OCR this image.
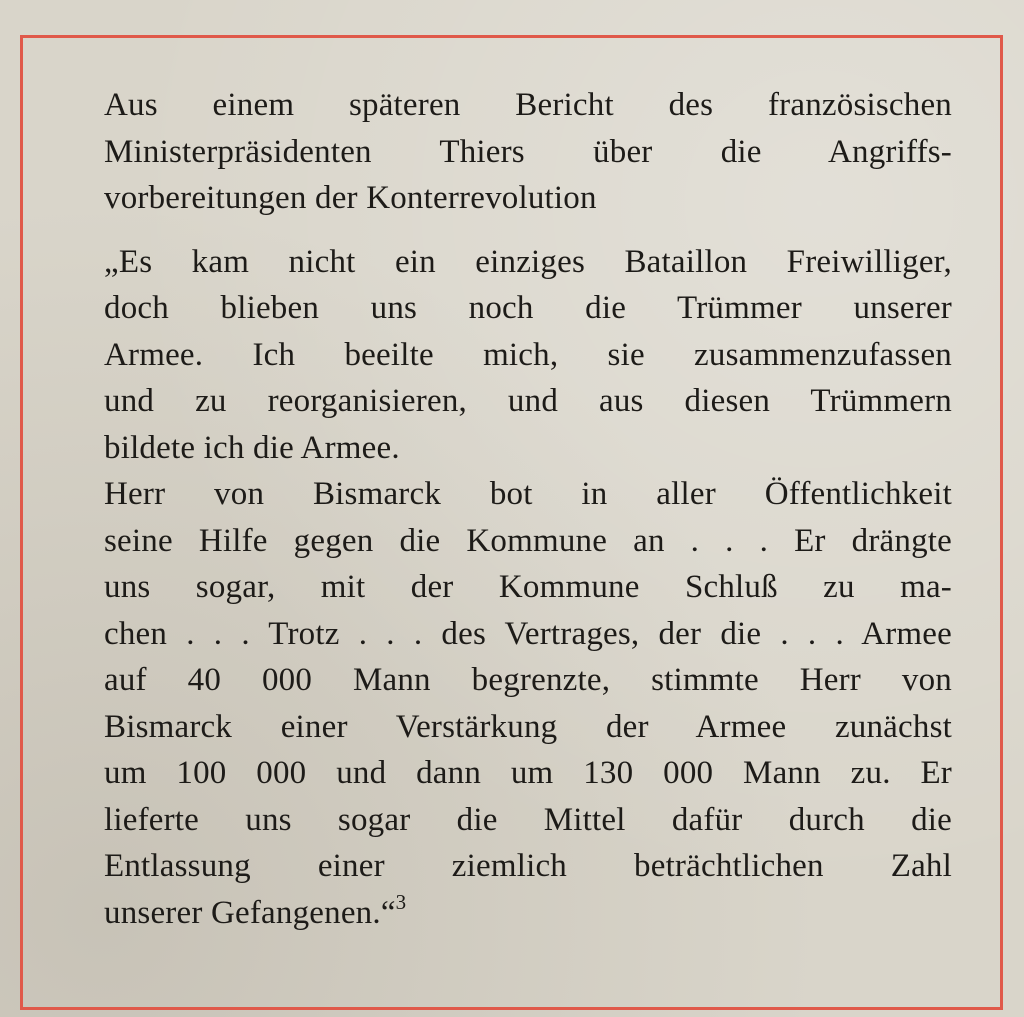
Aus einem späteren Bericht des französischen
Ministerpräsidenten Thiers über die Angriffs-
vorbereitungen der Konterrevolution
„Es kam nicht ein einziges Bataillon Freiwilliger,
doch blieben uns noch die Trümmer unserer
Armee. Ich beeilte mich, sie zusammenzufassen
und zu reorganisieren, und aus diesen Trümmern
bildete ich die Armee.
Herr von Bismarck bot in aller Öffentlichkeit
seine Hilfe gegen die Kommune an . . . Er drängte
uns sogar, mit der Kommune Schluß zu ma-
chen . . . Trotz . . . des Vertrages, der die . . . Armee
auf 40 000 Mann begrenzte, stimmte Herr von
Bismarck einer Verstärkung der Armee zunächst
um 100 000 und dann um 130 000 Mann zu. Er
lieferte uns sogar die Mittel dafür durch die
Entlassung einer ziemlich beträchtlichen Zahl
unserer Gefangenen.“$^3$
